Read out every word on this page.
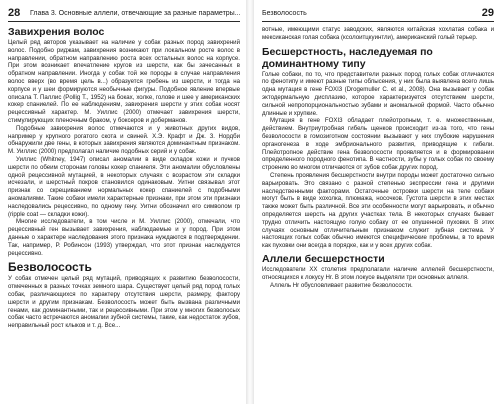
28 Глава 3. Основные аллели, отвечающие за разные параметры...
Завихрения волос

Целый ряд авторов указывает на наличие у собак разных пород завихрений волос. Подобно риджам, завихрения возникают при локальном росте волос в направлении, обратном направлению роста всех остальных волос на корпусе. При этом возникает впечатление кругов из шерсти, как бы зачесанных в обратном направлении. Иногда у собак той же породы в случае направления волос вверх (во время цель в...) образуется гребень из шерсти, и тогда на корпусе и у шеи формируются необычные фигуры. Подобное явление впервые описала Т. Паллис (Pollig Т., 1952) на боках, холке, голове и шее у американских кокер спаниелей. По ее наблюдениям, завихрения шерсти у этих собак носят рецессивный характер. М. Уиллис (2000) отмечает завихрения шерсти, стимулирующих пленочным браком, у боксеров и доберманов.

Подобные завихрения волос отмечаются и у животных других видов, например у крупного рогатого скота и свиней. Х.Э. Крафт и Дж. З. Нордби обнаружили две гены, в которых завихрения являются доминантным признаком. М. Уиллис (2000) предполагал наличие подобных серий и у собак.

Уиллис (Whitney, 1947) описал аномалии в виде складок кожи и пучков шерсти по обеим сторонам головы кокер спаниеля. Эти аномалии обусловлены одной рецессивной мутацией, в некоторых случаях с возрастом эти складки исчезали, и шерстный покров становился одинаковым. Уитни связывал этот признак со скрещиванием нормальных кокер спаниелей с подобными аномалиями. Такие собаки имели характерные признаки, при этом эти признаки наследовались рецессивно, по одному гену. Уитни обозначил его символом rp (ripple coat — складки кожи).

Многие исследователи, в том числе и М. Уиллис (2000), отмечали, что рецессивный ген вызывает завихрения, наблюдаемые и у пород. При этом данные о характере наследования этого признака нуждаются в подтверждении. Так, например, Р. Робинсон (1993) утверждал, что этот признак наследуется рецессивно.

Безволосость

У собак отмечен целый ряд мутаций, приводящих к развитию безволосости, отмеченных в разных точках земного шара. Существует целый ряд пород голых собак, различающихся по характеру отсутствия шерсти, размеру, фактору шерсти и другим признакам. Безволосость может быть вызвана различными генами, как доминантными, так и рецессивными. При этом у многих безволосых собак часто встречаются аномалии зубной системы, такие, как недостаток зубов, неправильный рост клыков и т. д. Все...

Безволосость	29

вотные, имеющими статус заводских, являются китайская хохлатая собака и мексиканская голая собака (ксолоитцкуинтли), американский голый терьер.

Бесшерстность, наследуемая по доминантному типу

Голые собаки, по то, что представители разных пород голых собак отличаются по фенотипу и имеют разные типы облысения, у них была выявлена всего лишь одна мутация в гене FOXI3 (Drogemuller C. et al., 2008). Она вызывает у собак эктодермальную дисплазию, которое характеризуется отсутствием шерсти, сильной непропорциональностью зубами и аномальной формой. Часто обычно длинные и хрупкие.

Мутация в гене FOXI3 обладает плейотропным, т. е. множественным, действием. Внутриутробная гибель щенков происходит из-за того, что гены безволосости в гомозиготном состоянии вызывают у них глубокие нарушения органогенеза в ходе эмбрионального развития, приводящие к гибели. Плейотропное действие гена безволосости проявляется и в формировании определенного породного фенотипа. В частности, зубы у голых собак по своему строению во многом отличаются от зубов собак других пород.

Степень проявления бесшерстности внутри породы может достаточно сильно варьировать. Это связано с разной степенью экспрессии гена и другими наследственными факторами. Остаточные островки шерсти на теле собаки могут быть в виде хохолка, плюмажа, носочков. Густота шерсти в этих местах также может быть различной. Все эти особенности могут варьировать, и обычно определяется шерсть на других участках тела. В некоторых случаях бывает трудно отличить настоящую голую собаку от ее опушенной пуховки. В этих случаях основным отличительным признаком служит зубная система. У настоящих голых собак обычно имеются специфические проблемы, в то время как пуховки они всегда в порядке, как и у всех других собак.

Аллели бесшерстности

Исследователи XX столетия предполагали наличие аллелей бесшерстности, относящихся к локусу Hr. В этом локусе выделяли три основных аллеля.

Аллель Hr обусловливает развитие безволосости.
